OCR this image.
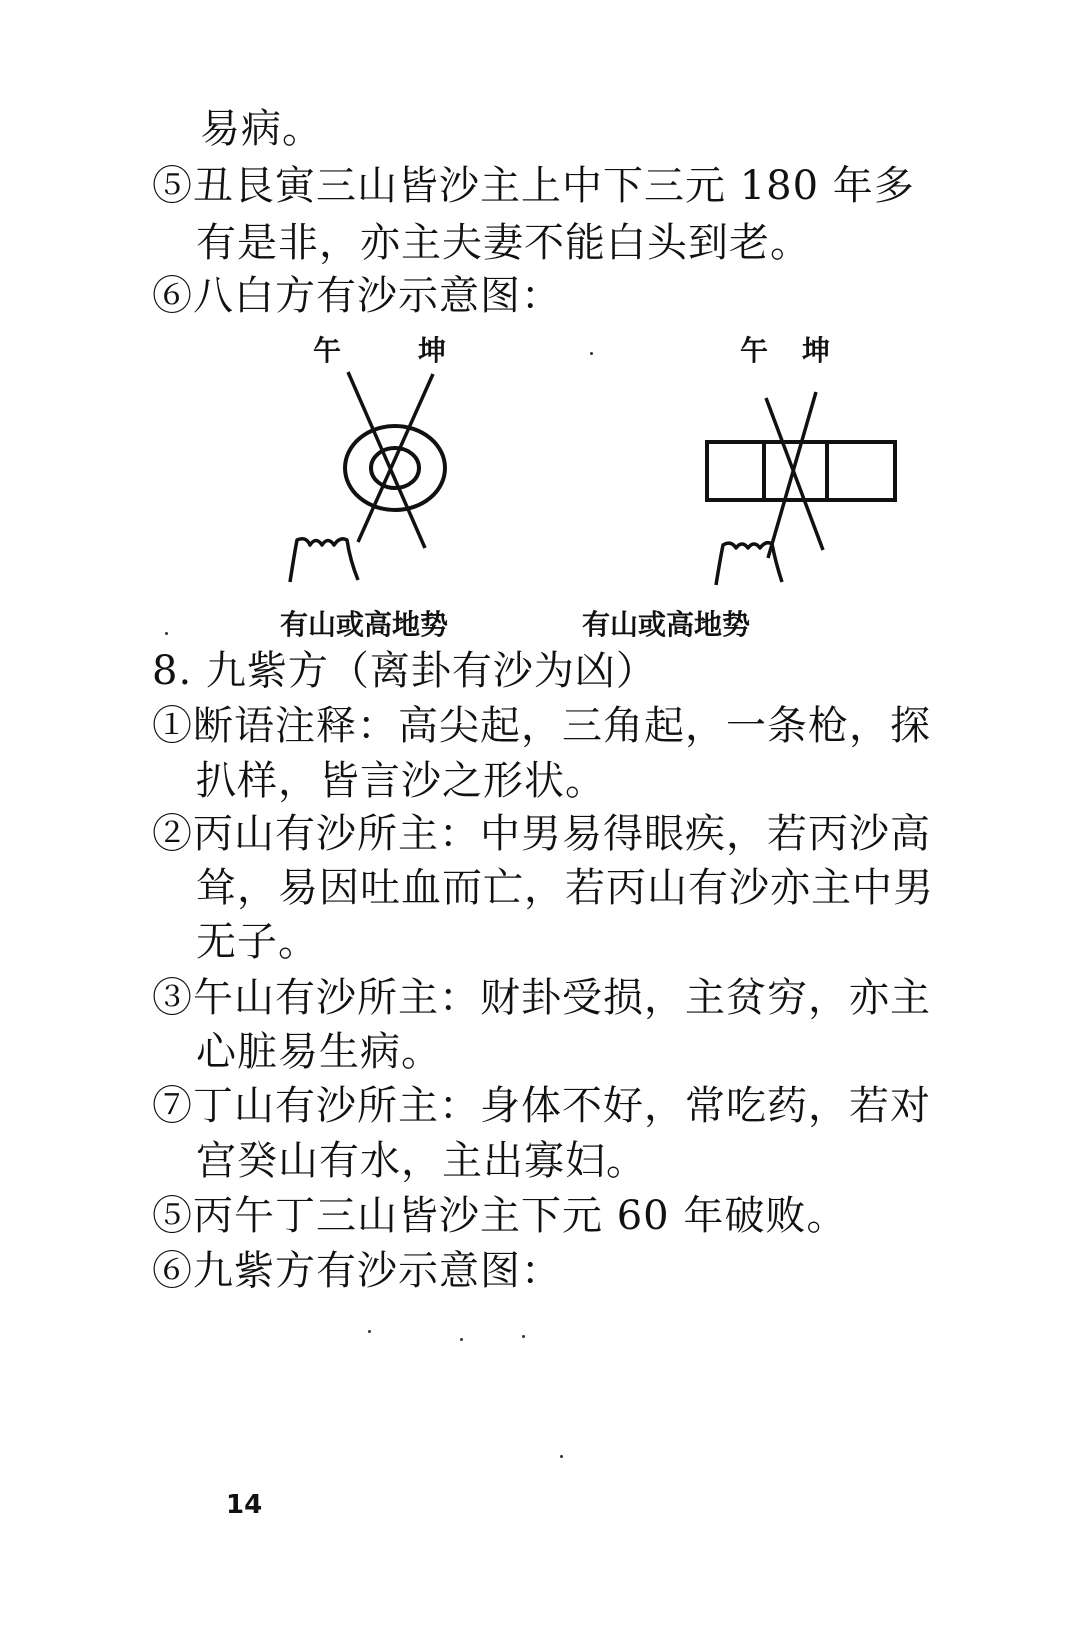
易病。
⑤丑艮寅三山皆沙主上中下三元 180 年多
有是非，亦主夫妻不能白头到老。
⑥八白方有沙示意图：
午	坤
有山或高地势
午 坤
有山或高地势
8. 九紫方（离卦有沙为凶）
①断语注释：高尖起，三角起，一条枪，探
扒样，皆言沙之形状。
②丙山有沙所主：中男易得眼疾，若丙沙高
耸，易因吐血而亡，若丙山有沙亦主中男
无子。
③午山有沙所主：财卦受损，主贫穷，亦主
心脏易生病。
⑦丁山有沙所主：身体不好，常吃药，若对
宫癸山有水，主出寡妇。
⑤丙午丁三山皆沙主下元 60 年破败。
⑥九紫方有沙示意图：
14
